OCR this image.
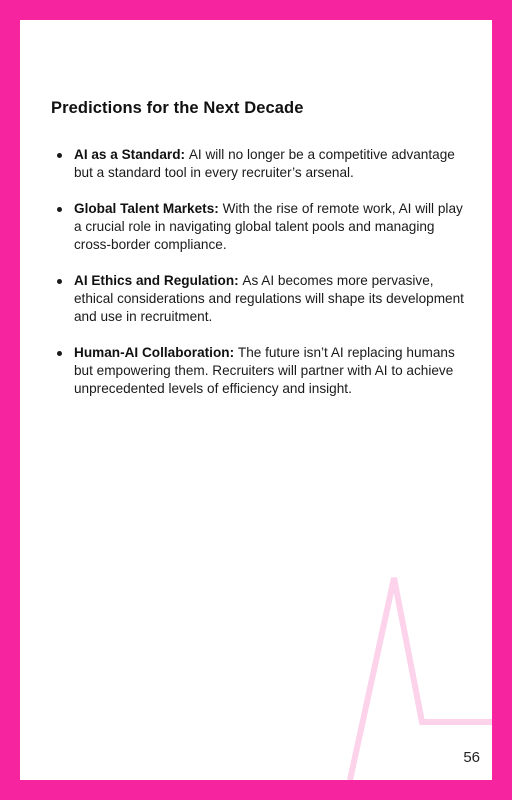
Predictions for the Next Decade
AI as a Standard: AI will no longer be a competitive advantage but a standard tool in every recruiter’s arsenal.
Global Talent Markets: With the rise of remote work, AI will play a crucial role in navigating global talent pools and managing cross-border compliance.
AI Ethics and Regulation: As AI becomes more pervasive, ethical considerations and regulations will shape its development and use in recruitment.
Human-AI Collaboration: The future isn’t AI replacing humans but empowering them. Recruiters will partner with AI to achieve unprecedented levels of efficiency and insight.
56
